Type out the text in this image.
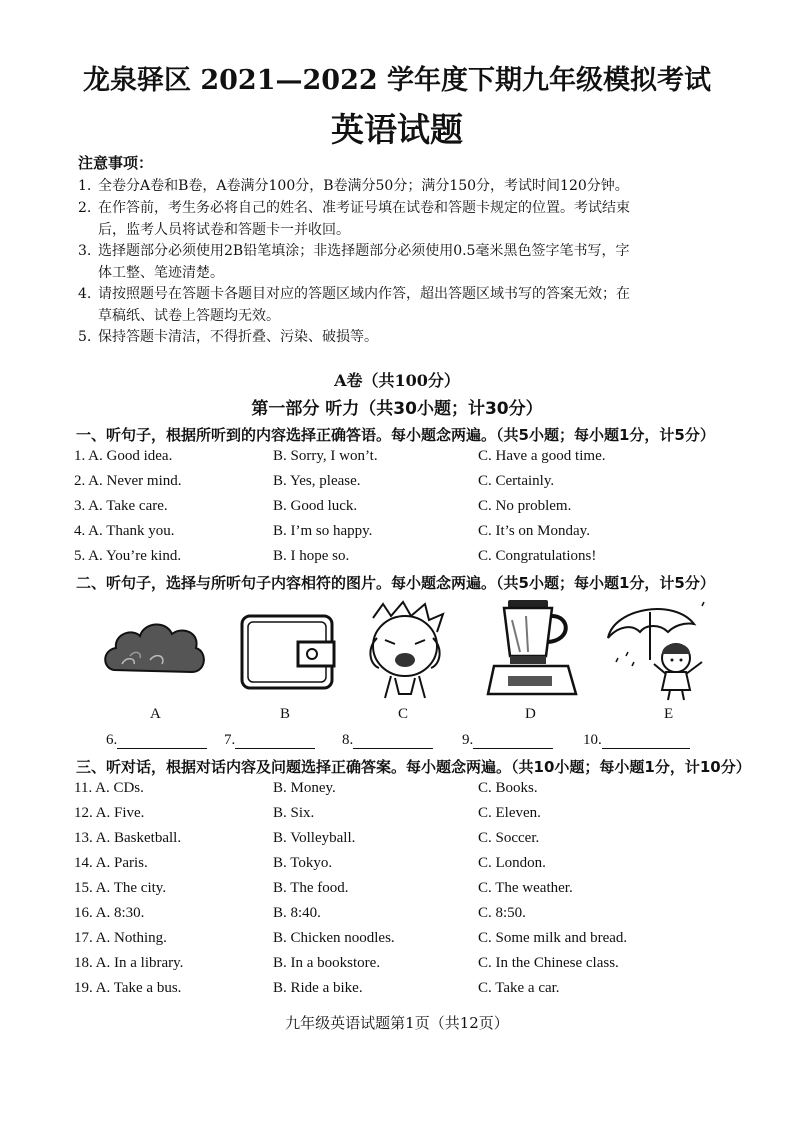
龙泉驿区 2021—2022 学年度下期九年级模拟考试
英语试题
注意事项：
1. 全卷分A卷和B卷，A卷满分100分，B卷满分50分；满分150分，考试时间120分钟。
2. 在作答前，考生务必将自己的姓名、准考证号填在试卷和答题卡规定的位置。考试结束
后，监考人员将试卷和答题卡一并收回。
3. 选择题部分必须使用2B铅笔填涂；非选择题部分必须使用0.5毫米黑色签字笔书写，字
体工整、笔迹清楚。
4. 请按照题号在答题卡各题目对应的答题区域内作答，超出答题区域书写的答案无效；在
草稿纸、试卷上答题均无效。
5. 保持答题卡清洁，不得折叠、污染、破损等。
A卷（共100分）
第一部分 听力（共30小题；计30分）
一、听句子，根据所听到的内容选择正确答语。每小题念两遍。（共5小题；每小题1分，计5分）
1. A. Good idea.	B. Sorry, I won’t.	C. Have a good time.
2. A. Never mind.	B. Yes, please.	C. Certainly.
3. A. Take care.	B. Good luck.	C. No problem.
4. A. Thank you.	B. I’m so happy.	C. It’s on Monday.
5. A. You’re kind.	B. I hope so.	C. Congratulations!
二、听句子，选择与所听句子内容相符的图片。每小题念两遍。（共5小题；每小题1分，计5分）
A	B	C	D	E
6.	7.	8.	9.	10.
三、听对话，根据对话内容及问题选择正确答案。每小题念两遍。（共10小题；每小题1分，计10分）
11. A. CDs.	B. Money.	C. Books.
12. A. Five.	B. Six.	C. Eleven.
13. A. Basketball.	B. Volleyball.	C. Soccer.
14. A. Paris.	B. Tokyo.	C. London.
15. A. The city.	B. The food.	C. The weather.
16. A. 8:30.	B. 8:40.	C. 8:50.
17. A. Nothing.	B. Chicken noodles.	C. Some milk and bread.
18. A. In a library.	B. In a bookstore.	C. In the Chinese class.
19. A. Take a bus.	B. Ride a bike.	C. Take a car.
九年级英语试题第1页（共12页）
